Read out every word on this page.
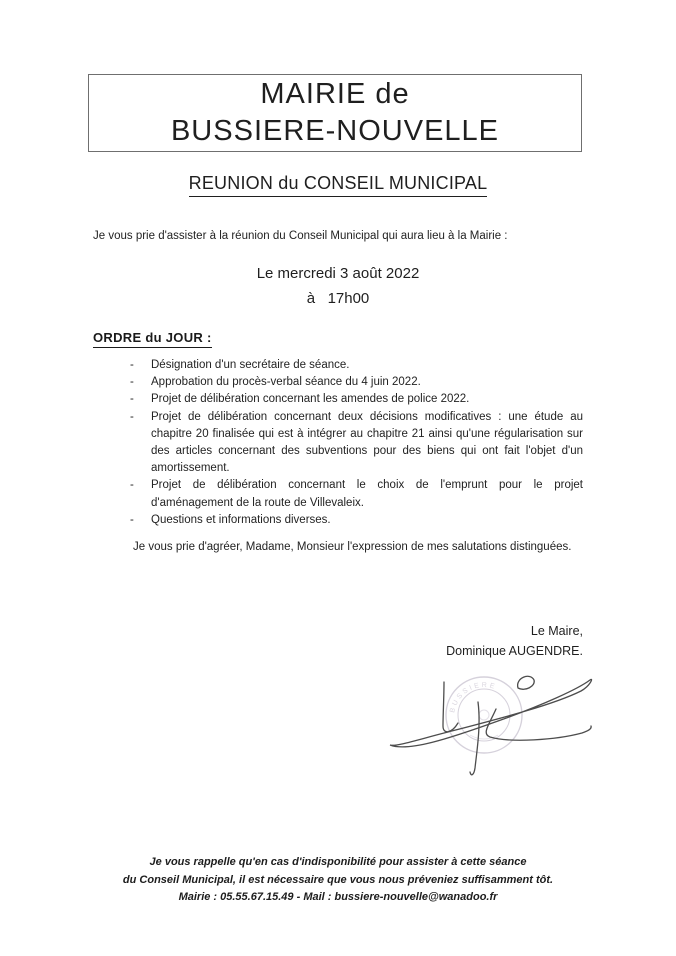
MAIRIE de
BUSSIERE-NOUVELLE
REUNION du CONSEIL MUNICIPAL

Je vous prie d'assister à la réunion du Conseil Municipal qui aura lieu à la Mairie :

Le mercredi 3 août 2022
à   17h00
ORDRE du JOUR :
-	Désignation d'un secrétaire de séance.
-	Approbation du procès-verbal séance du 4 juin 2022.
-	Projet de délibération concernant les amendes de police 2022.
-	Projet de délibération concernant deux décisions modificatives : une étude au chapitre 20 finalisée qui est à intégrer au chapitre 21 ainsi qu'une régularisation sur des articles concernant des subventions pour des biens qui ont fait l'objet d'un amortissement.
-	Projet de délibération concernant le choix de l'emprunt pour le projet d'aménagement de la route de Villevaleix.
-	Questions et informations diverses.

Je vous prie d'agréer, Madame, Monsieur l'expression de mes salutations distinguées.

Le Maire,
Dominique AUGENDRE.
BUSSIERE
Je vous rappelle qu'en cas d'indisponibilité pour assister à cette séance
du Conseil Municipal, il est nécessaire que vous nous préveniez suffisamment tôt.
Mairie : 05.55.67.15.49 - Mail : bussiere-nouvelle@wanadoo.fr
